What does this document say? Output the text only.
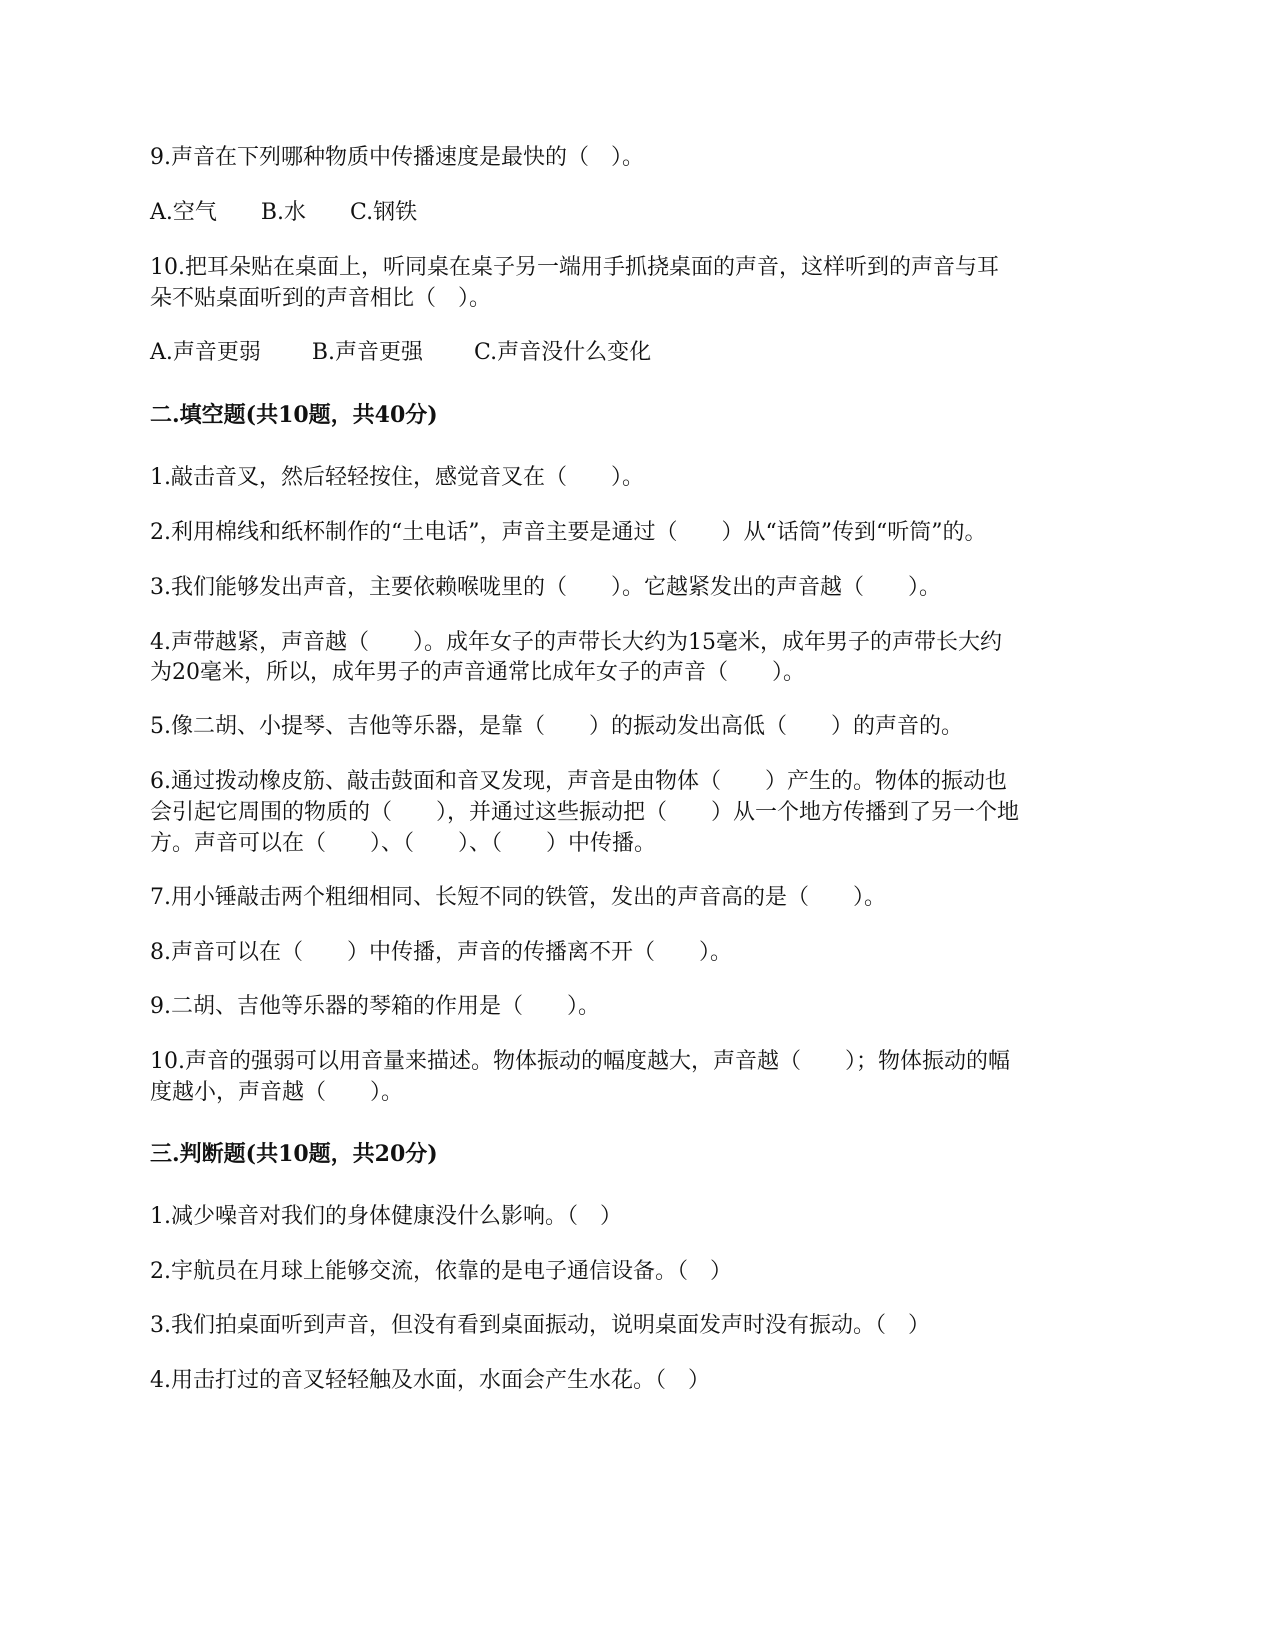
9.声音在下列哪种物质中传播速度是最快的（　）。
A.空气　　B.水　　C.钢铁
10.把耳朵贴在桌面上，听同桌在桌子另一端用手抓挠桌面的声音，这样听到的声音与耳
朵不贴桌面听到的声音相比（　）。
A.声音更弱　　 B.声音更强　　 C.声音没什么变化
二.填空题(共10题，共40分)
1.敲击音叉，然后轻轻按住，感觉音叉在（　　）。
2.利用棉线和纸杯制作的“土电话”，声音主要是通过（　　）从“话筒”传到“听筒”的。
3.我们能够发出声音，主要依赖喉咙里的（　　）。它越紧发出的声音越（　　）。
4.声带越紧，声音越（　　）。成年女子的声带长大约为15毫米，成年男子的声带长大约
为20毫米，所以，成年男子的声音通常比成年女子的声音（　　）。
5.像二胡、小提琴、吉他等乐器，是靠（　　）的振动发出高低（　　）的声音的。
6.通过拨动橡皮筋、敲击鼓面和音叉发现，声音是由物体（　　）产生的。物体的振动也
会引起它周围的物质的（　　），并通过这些振动把（　　）从一个地方传播到了另一个地
方。声音可以在（　　）、（　　）、（　　）中传播。
7.用小锤敲击两个粗细相同、长短不同的铁管，发出的声音高的是（　　）。
8.声音可以在（　　）中传播，声音的传播离不开（　　）。
9.二胡、吉他等乐器的琴箱的作用是（　　）。
10.声音的强弱可以用音量来描述。物体振动的幅度越大，声音越（　　）；物体振动的幅
度越小，声音越（　　）。
三.判断题(共10题，共20分)
1.减少噪音对我们的身体健康没什么影响。（　）
2.宇航员在月球上能够交流，依靠的是电子通信设备。（　）
3.我们拍桌面听到声音，但没有看到桌面振动，说明桌面发声时没有振动。（　）
4.用击打过的音叉轻轻触及水面，水面会产生水花。（　）
